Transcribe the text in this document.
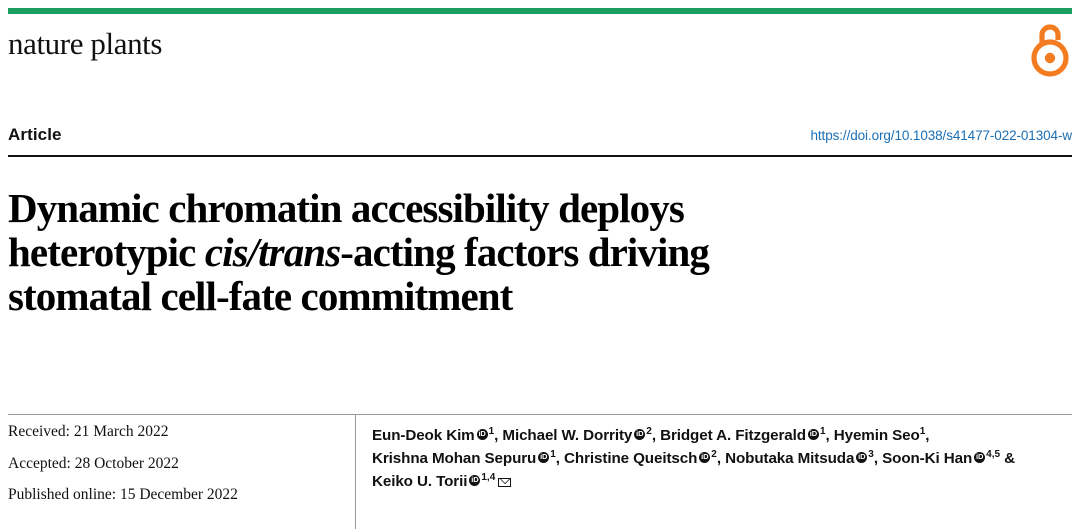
nature plants
Article	https://doi.org/10.1038/s41477-022-01304-w
Dynamic chromatin accessibility deploys
heterotypic cis/trans-acting factors driving
stomatal cell-fate commitment
Received: 21 March 2022
Accepted: 28 October 2022
Published online: 15 December 2022
Eun-Deok Kim iD $^1$, Michael W. Dorrity iD $^2$, Bridget A. Fitzgerald iD $^1$, Hyemin Seo$^1$, Krishna Mohan Sepuru iD $^1$, Christine Queitsch iD $^2$, Nobutaka Mitsuda iD $^3$, Soon-Ki Han iD $^{4,5}$ & Keiko U. Torii iD $^{1,4}$
